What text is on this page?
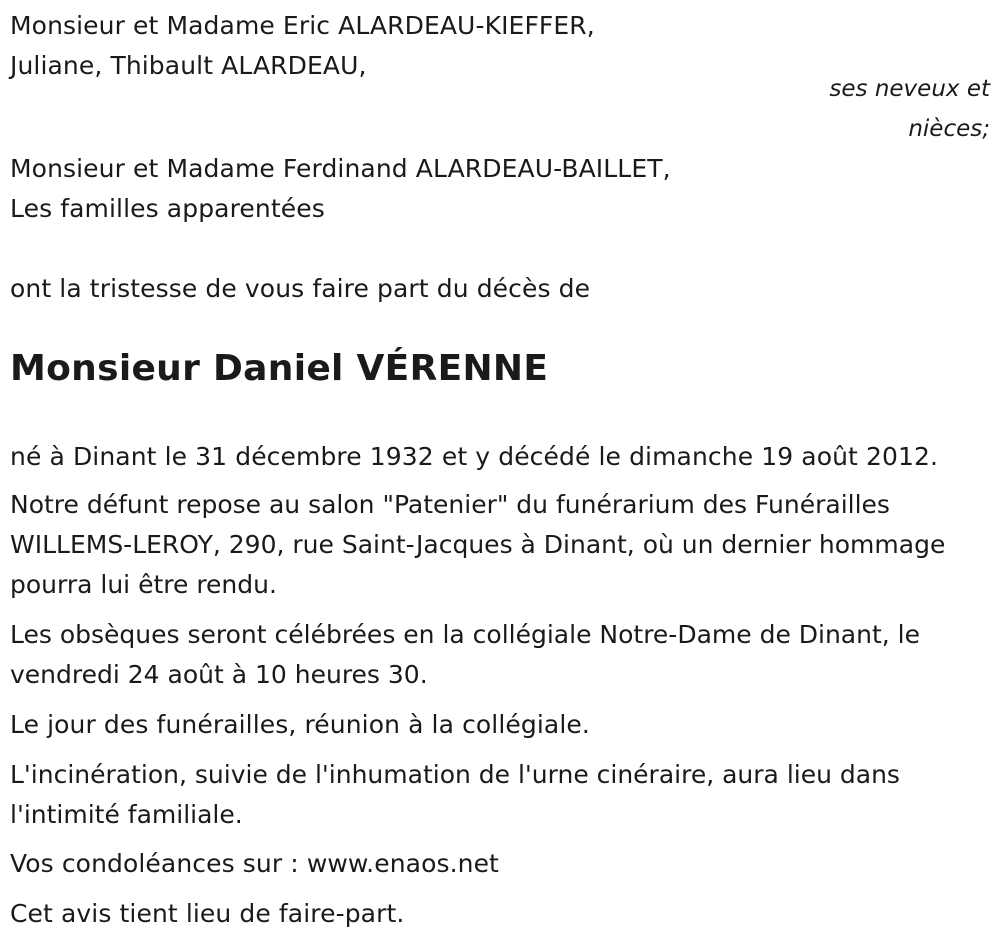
Monsieur et Madame Eric ALARDEAU-KIEFFER,
Juliane, Thibault ALARDEAU,
ses neveux et
nièces;
Monsieur et Madame Ferdinand ALARDEAU-BAILLET,
Les familles apparentées
ont la tristesse de vous faire part du décès de
Monsieur Daniel VÉRENNE
né à Dinant le 31 décembre 1932 et y décédé le dimanche 19 août 2012.
Notre défunt repose au salon "Patenier" du funérarium des Funérailles WILLEMS-LEROY, 290, rue Saint-Jacques à Dinant, où un dernier hommage pourra lui être rendu.
Les obsèques seront célébrées en la collégiale Notre-Dame de Dinant, le vendredi 24 août à 10 heures 30.
Le jour des funérailles, réunion à la collégiale.
L'incinération, suivie de l'inhumation de l'urne cinéraire, aura lieu dans l'intimité familiale.
Vos condoléances sur : www.enaos.net
Cet avis tient lieu de faire-part.
